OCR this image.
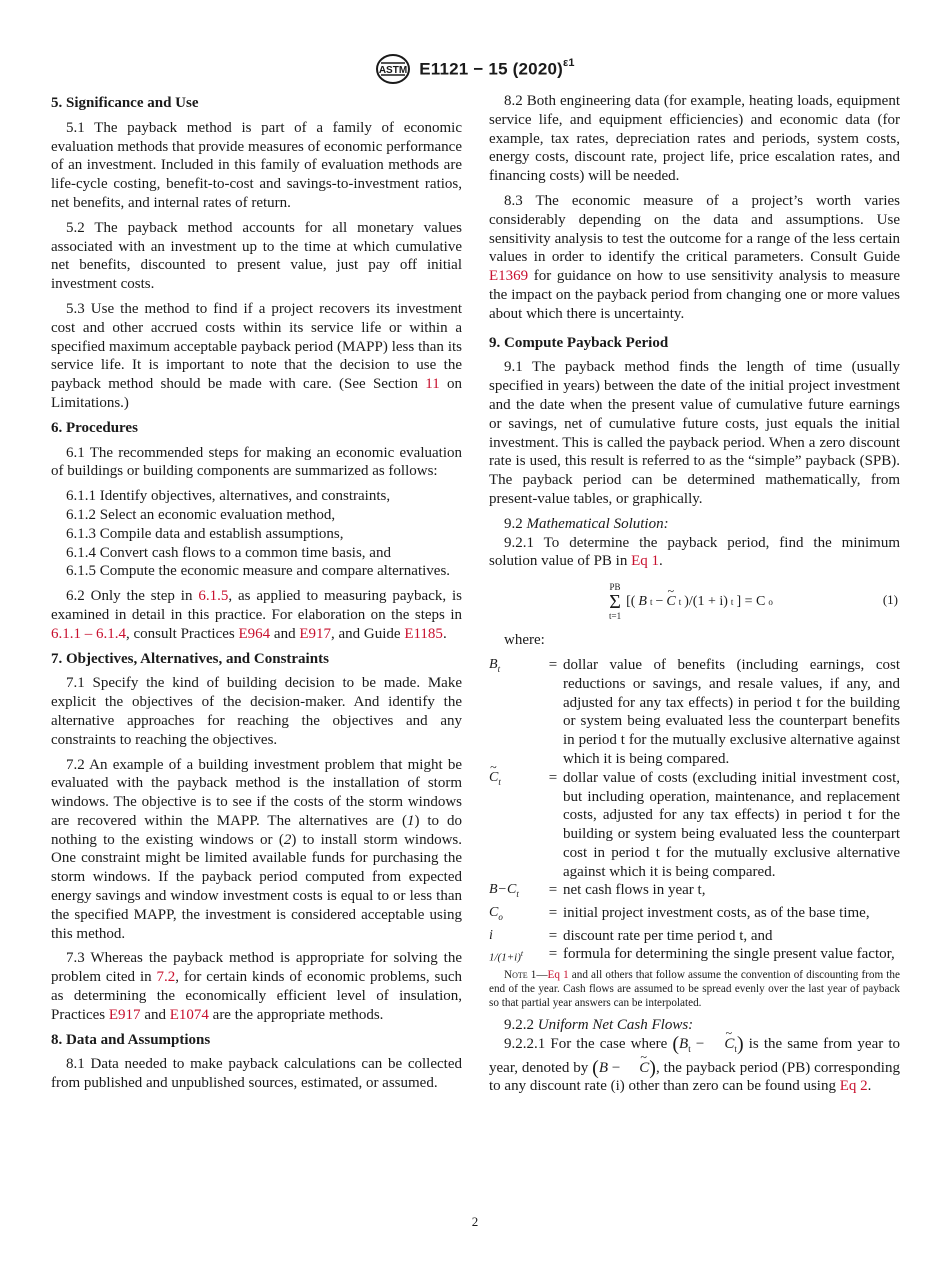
ASTM E1121 − 15 $(2020)^{\varepsilon 1}$
5. Significance and Use

5.1 The payback method is part of a family of economic evaluation methods that provide measures of economic performance of an investment. Included in this family of evaluation methods are life-cycle costing, benefit-to-cost and savings-to-investment ratios, net benefits, and internal rates of return.

5.2 The payback method accounts for all monetary values associated with an investment up to the time at which cumulative net benefits, discounted to present value, just pay off initial investment costs.

5.3 Use the method to find if a project recovers its investment cost and other accrued costs within its service life or within a specified maximum acceptable payback period (MAPP) less than its service life. It is important to note that the decision to use the payback method should be made with care. (See Section 11 on Limitations.)

6. Procedures

6.1 The recommended steps for making an economic evaluation of buildings or building components are summarized as follows:

6.1.1 Identify objectives, alternatives, and constraints,

6.1.2 Select an economic evaluation method,

6.1.3 Compile data and establish assumptions,

6.1.4 Convert cash flows to a common time basis, and

6.1.5 Compute the economic measure and compare alternatives.

6.2 Only the step in 6.1.5, as applied to measuring payback, is examined in detail in this practice. For elaboration on the steps in 6.1.1 – 6.1.4, consult Practices E964 and E917, and Guide E1185.

7. Objectives, Alternatives, and Constraints

7.1 Specify the kind of building decision to be made. Make explicit the objectives of the decision-maker. And identify the alternative approaches for reaching the objectives and any constraints to reaching the objectives.

7.2 An example of a building investment problem that might be evaluated with the payback method is the installation of storm windows. The objective is to see if the costs of the storm windows are recovered within the MAPP. The alternatives are (1) to do nothing to the existing windows or (2) to install storm windows. One constraint might be limited available funds for purchasing the storm windows. If the payback period computed from expected energy savings and window investment costs is equal to or less than the specified MAPP, the investment is considered acceptable using this method.

7.3 Whereas the payback method is appropriate for solving the problem cited in 7.2, for certain kinds of economic problems, such as determining the economically efficient level of insulation, Practices E917 and E1074 are the appropriate methods.

8. Data and Assumptions

8.1 Data needed to make payback calculations can be collected from published and unpublished sources, estimated, or assumed.

8.2 Both engineering data (for example, heating loads, equipment service life, and equipment efficiencies) and economic data (for example, tax rates, depreciation rates and periods, system costs, energy costs, discount rate, project life, price escalation rates, and financing costs) will be needed.

8.3 The economic measure of a project’s worth varies considerably depending on the data and assumptions. Use sensitivity analysis to test the outcome for a range of the less certain values in order to identify the critical parameters. Consult Guide E1369 for guidance on how to use sensitivity analysis to measure the impact on the payback period from changing one or more values about which there is uncertainty.

9. Compute Payback Period

9.1 The payback method finds the length of time (usually specified in years) between the date of the initial project investment and the date when the present value of cumulative future earnings or savings, net of cumulative future costs, just equals the initial investment. This is called the payback period. When a zero discount rate is used, this result is referred to as the “simple” payback (SPB). The payback period can be determined mathematically, from present-value tables, or graphically.

9.2 Mathematical Solution:

9.2.1 To determine the payback period, find the minimum solution value of PB in Eq 1.

PB
Σ
t=1
[( B t −
~ C t )/(1 + i) t ] = C o	(1)

where:

$B_t$	= dollar value of benefits (including earnings, cost reductions or savings, and resale values, if any, and adjusted for any tax effects) in period t for the building or system being evaluated less the counterpart benefits in period t for the mutually exclusive alternative against which it is being compared.
~ $C_t$	= dollar value of costs (excluding initial investment cost, but including operation, maintenance, and replacement costs, adjusted for any tax effects) in period t for the building or system being evaluated less the counterpart cost in period t for the mutually exclusive alternative against which it is being compared.
$B-C_t$	= net cash flows in year t,
$C_o$	= initial project investment costs, as of the base time,
i	= discount rate per time period t, and
$1/(1+i)^t$	= formula for determining the single present value factor,

Note 1—Eq 1 and all others that follow assume the convention of discounting from the end of the year. Cash flows are assumed to be spread evenly over the last year of payback so that partial year answers can be interpolated.

9.2.2 Uniform Net Cash Flows:

9.2.2.1 For the case where ($B_t$ − ~ $C_t$) is the same from year to year, denoted by (B − ~ C), the payback period (PB) corresponding to any discount rate (i) other than zero can be found using Eq 2.

2
